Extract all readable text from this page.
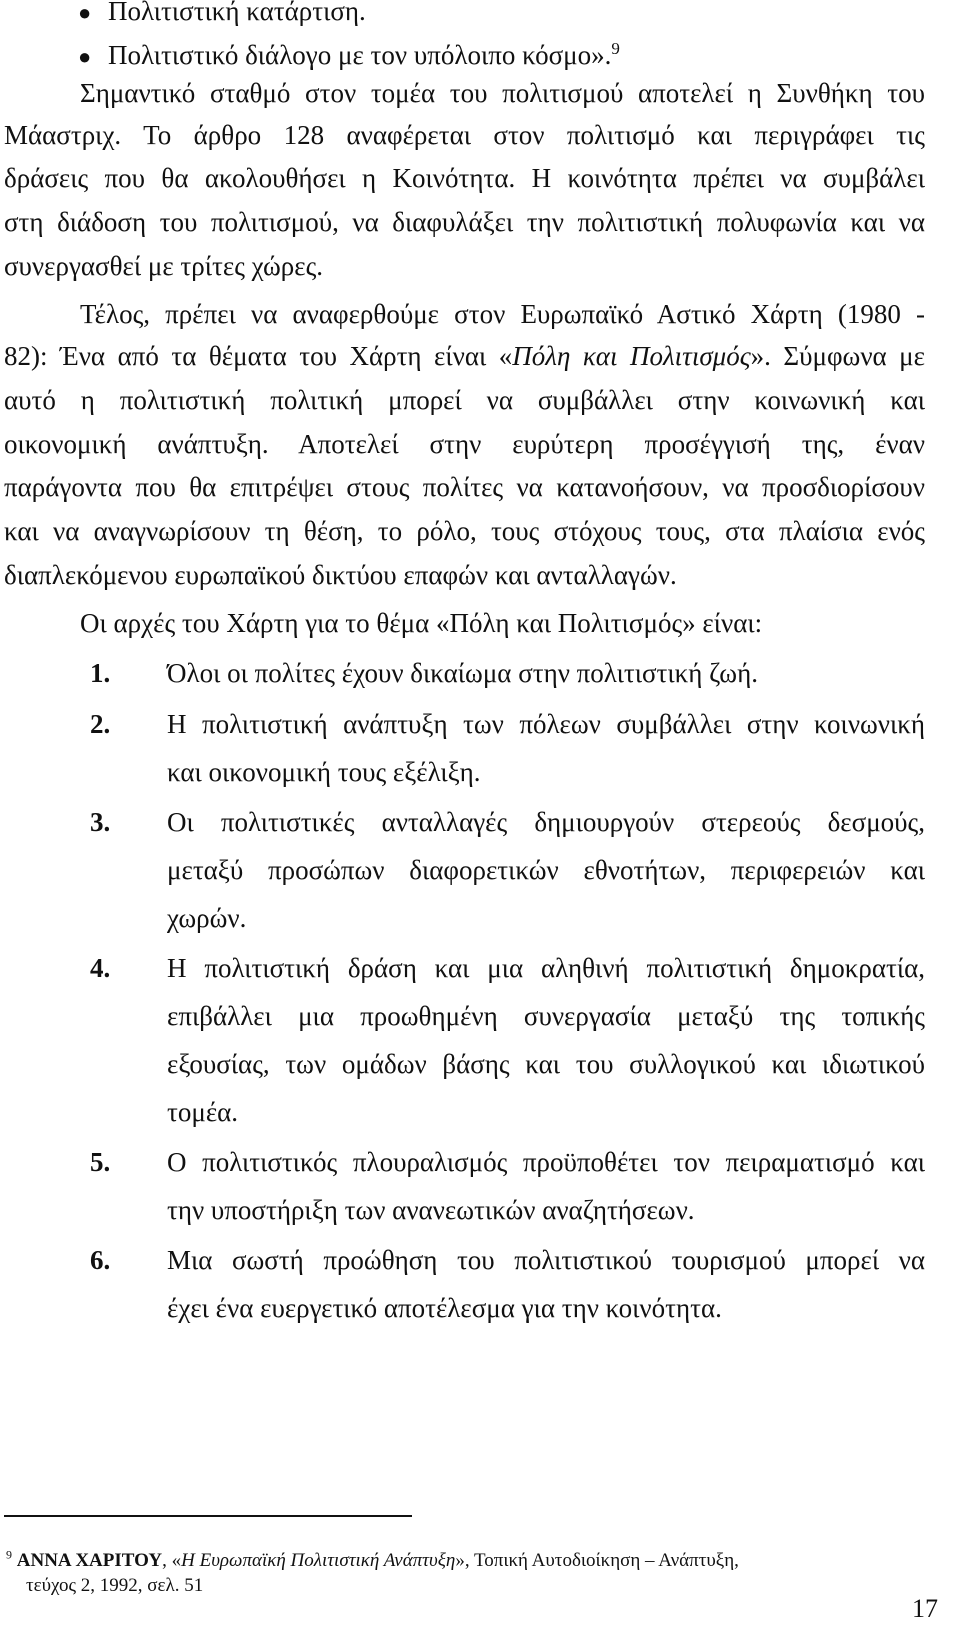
● Πολιτιστική κατάρτιση.
● Πολιτιστικό διάλογο με τον υπόλοιπο κόσμο».$^9$
Σημαντικό σταθμό στον τομέα του πολιτισμού αποτελεί η Συνθήκη του
Μάαστριχ. Το άρθρο 128 αναφέρεται στον πολιτισμό και περιγράφει τις
δράσεις που θα ακολουθήσει η Κοινότητα. Η κοινότητα πρέπει να συμβάλει
στη διάδοση του πολιτισμού, να διαφυλάξει την πολιτιστική πολυφωνία και να
συνεργασθεί με τρίτες χώρες.
Τέλος, πρέπει να αναφερθούμε στον Ευρωπαϊκό Αστικό Χάρτη (1980 -
82): Ένα από τα θέματα του Χάρτη είναι «Πόλη και Πολιτισμός». Σύμφωνα με
αυτό η πολιτιστική πολιτική μπορεί να συμβάλλει στην κοινωνική και
οικονομική ανάπτυξη. Αποτελεί στην ευρύτερη προσέγγισή της, έναν
παράγοντα που θα επιτρέψει στους πολίτες να κατανοήσουν, να προσδιορίσουν
και να αναγνωρίσουν τη θέση, το ρόλο, τους στόχους τους, στα πλαίσια ενός
διαπλεκόμενου ευρωπαϊκού δικτύου επαφών και ανταλλαγών.
Οι αρχές του Χάρτη για το θέμα «Πόλη και Πολιτισμός» είναι:
1. Όλοι οι πολίτες έχουν δικαίωμα στην πολιτιστική ζωή.
2. Η πολιτιστική ανάπτυξη των πόλεων συμβάλλει στην κοινωνική
και οικονομική τους εξέλιξη.
3. Οι πολιτιστικές ανταλλαγές δημιουργούν στερεούς δεσμούς,
μεταξύ προσώπων διαφορετικών εθνοτήτων, περιφερειών και
χωρών.
4. Η πολιτιστική δράση και μια αληθινή πολιτιστική δημοκρατία,
επιβάλλει μια προωθημένη συνεργασία μεταξύ της τοπικής
εξουσίας, των ομάδων βάσης και του συλλογικού και ιδιωτικού
τομέα.
5. Ο πολιτιστικός πλουραλισμός προϋποθέτει τον πειραματισμό και
την υποστήριξη των ανανεωτικών αναζητήσεων.
6. Μια σωστή προώθηση του πολιτιστικού τουρισμού μπορεί να
έχει ένα ευεργετικό αποτέλεσμα για την κοινότητα.
$^9$ ΑΝΝΑ ΧΑΡΙΤΟΥ, «Η Ευρωπαϊκή Πολιτιστική Ανάπτυξη», Τοπική Αυτοδιοίκηση – Ανάπτυξη,
τεύχος 2, 1992, σελ. 51
17
